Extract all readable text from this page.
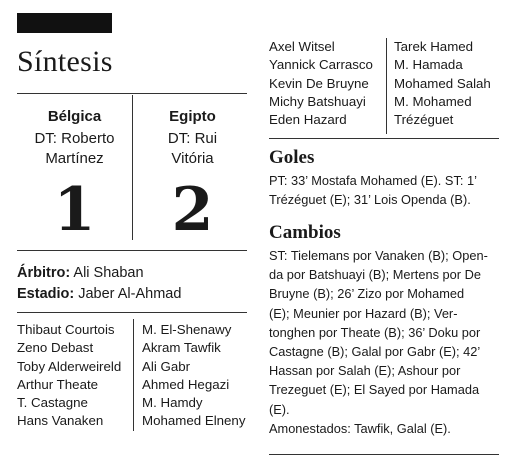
Síntesis
Bélgica
DT: Roberto
Martínez
1
Egipto
DT: Rui
Vitória
2
Árbitro: Ali Shaban
Estadio: Jaber Al-Ahmad
Thibaut Courtois
Zeno Debast
Toby Alderweireld
Arthur Theate
T. Castagne
Hans Vanaken
M. El-Shenawy
Akram Tawfik
Ali Gabr
Ahmed Hegazi
M. Hamdy
Mohamed Elneny
Axel Witsel
Yannick Carrasco
Kevin De Bruyne
Michy Batshuayi
Eden Hazard
Tarek Hamed
M. Hamada
Mohamed Salah
M. Mohamed
Trézéguet
Goles
PT: 33’ Mostafa Mohamed (E). ST: 1’
Trézéguet (E); 31’ Lois Openda (B).
Cambios
ST: Tielemans por Vanaken (B); Open-
da por Batshuayi (B); Mertens por De
Bruyne (B); 26’ Zizo por Mohamed
(E); Meunier por Hazard (B); Ver-
tonghen por Theate (B); 36’ Doku por
Castagne (B); Galal por Gabr (E); 42’
Hassan por Salah (E); Ashour por
Trezeguet (E); El Sayed por Hamada
(E).
Amonestados: Tawfik, Galal (E).
